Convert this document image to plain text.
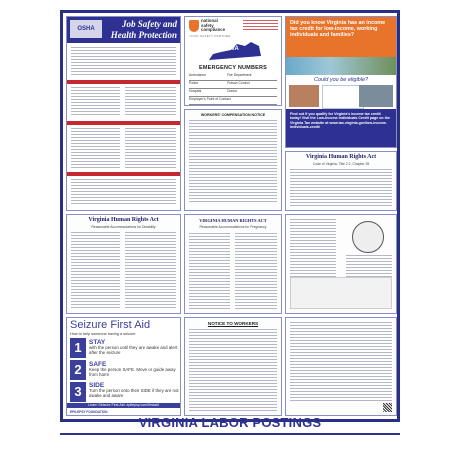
OSHA	Job Safety and
Health Protection
national
safety
compliance
YOUR SAFETY PARTNER
VA
EMERGENCY NUMBERS
Ambulance	Fire Department
Police	Poison Control
Hospital	Doctor
Employer's Point of Contact
Did you know Virginia has an income tax credit for low-income, working individuals and families?
Could you be eligible?
Find out if you qualify for Virginia's income tax credit today! Visit the Low-Income Individuals Credit page on the Virginia Tax website at www.tax.virginia.gov/low-income-individuals-credit
WORKERS' COMPENSATION NOTICE
Virginia Human Rights Act
Code of Virginia, Title 2.2, Chapter 39
Virginia Human Rights Act
Reasonable Accommodations for Disability
VIRGINIA HUMAN RIGHTS ACT
Reasonable Accommodations for Pregnancy
Seizure First Aid
How to help someone having a seizure
1	STAY
with the person until they are awake and alert after the seizure
2	SAFE
Keep the person SAFE. Move or guide away from harm
3	SIDE
Turn the person onto their SIDE if they are not awake and aware
Learn Seizure First Aid: epilepsy.com/firstaid
EPILEPSY FOUNDATION
NOTICE TO WORKERS
VIRGINIA LABOR POSTINGS
